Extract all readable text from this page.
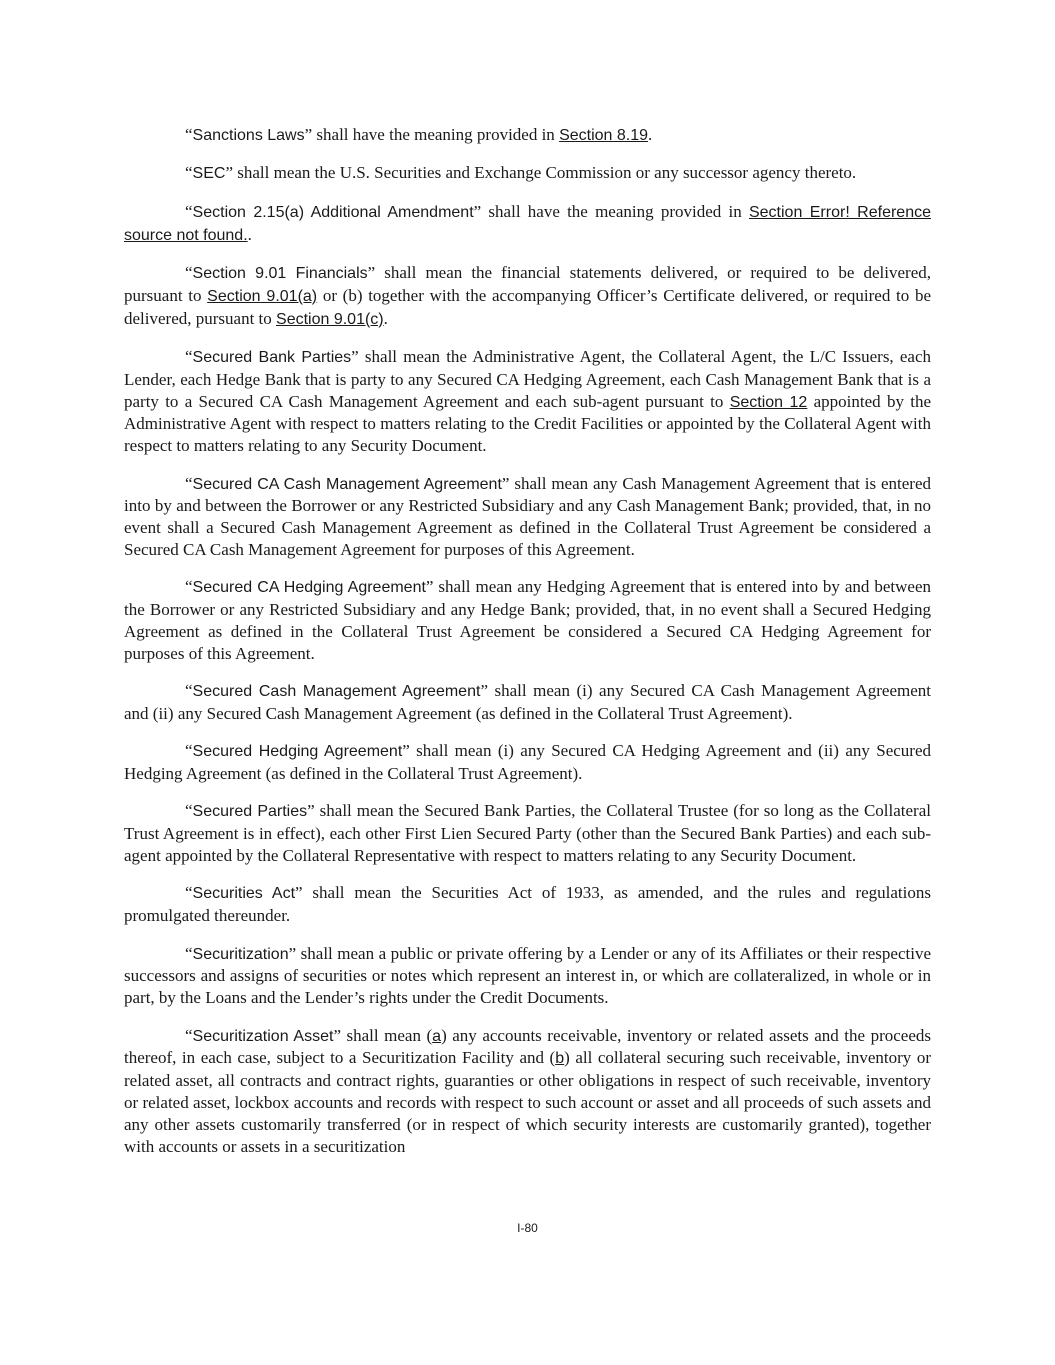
“Sanctions Laws” shall have the meaning provided in Section 8.19.

“SEC” shall mean the U.S. Securities and Exchange Commission or any successor agency thereto.

“Section 2.15(a) Additional Amendment” shall have the meaning provided in Section Error! Reference source not found..

“Section 9.01 Financials” shall mean the financial statements delivered, or required to be delivered, pursuant to Section 9.01(a) or (b) together with the accompanying Officer’s Certificate delivered, or required to be delivered, pursuant to Section 9.01(c).

“Secured Bank Parties” shall mean the Administrative Agent, the Collateral Agent, the L/C Issuers, each Lender, each Hedge Bank that is party to any Secured CA Hedging Agreement, each Cash Management Bank that is a party to a Secured CA Cash Management Agreement and each sub-agent pursuant to Section 12 appointed by the Administrative Agent with respect to matters relating to the Credit Facilities or appointed by the Collateral Agent with respect to matters relating to any Security Document.

“Secured CA Cash Management Agreement” shall mean any Cash Management Agreement that is entered into by and between the Borrower or any Restricted Subsidiary and any Cash Management Bank; provided, that, in no event shall a Secured Cash Management Agreement as defined in the Collateral Trust Agreement be considered a Secured CA Cash Management Agreement for purposes of this Agreement.

“Secured CA Hedging Agreement” shall mean any Hedging Agreement that is entered into by and between the Borrower or any Restricted Subsidiary and any Hedge Bank; provided, that, in no event shall a Secured Hedging Agreement as defined in the Collateral Trust Agreement be considered a Secured CA Hedging Agreement for purposes of this Agreement.

“Secured Cash Management Agreement” shall mean (i) any Secured CA Cash Management Agreement and (ii) any Secured Cash Management Agreement (as defined in the Collateral Trust Agreement).

“Secured Hedging Agreement” shall mean (i) any Secured CA Hedging Agreement and (ii) any Secured Hedging Agreement (as defined in the Collateral Trust Agreement).

“Secured Parties” shall mean the Secured Bank Parties, the Collateral Trustee (for so long as the Collateral Trust Agreement is in effect), each other First Lien Secured Party (other than the Secured Bank Parties) and each sub-agent appointed by the Collateral Representative with respect to matters relating to any Security Document.

“Securities Act” shall mean the Securities Act of 1933, as amended, and the rules and regulations promulgated thereunder.

“Securitization” shall mean a public or private offering by a Lender or any of its Affiliates or their respective successors and assigns of securities or notes which represent an interest in, or which are collateralized, in whole or in part, by the Loans and the Lender’s rights under the Credit Documents.

“Securitization Asset” shall mean (a) any accounts receivable, inventory or related assets and the proceeds thereof, in each case, subject to a Securitization Facility and (b) all collateral securing such receivable, inventory or related asset, all contracts and contract rights, guaranties or other obligations in respect of such receivable, inventory or related asset, lockbox accounts and records with respect to such account or asset and all proceeds of such assets and any other assets customarily transferred (or in respect of which security interests are customarily granted), together with accounts or assets in a securitization

I-80
